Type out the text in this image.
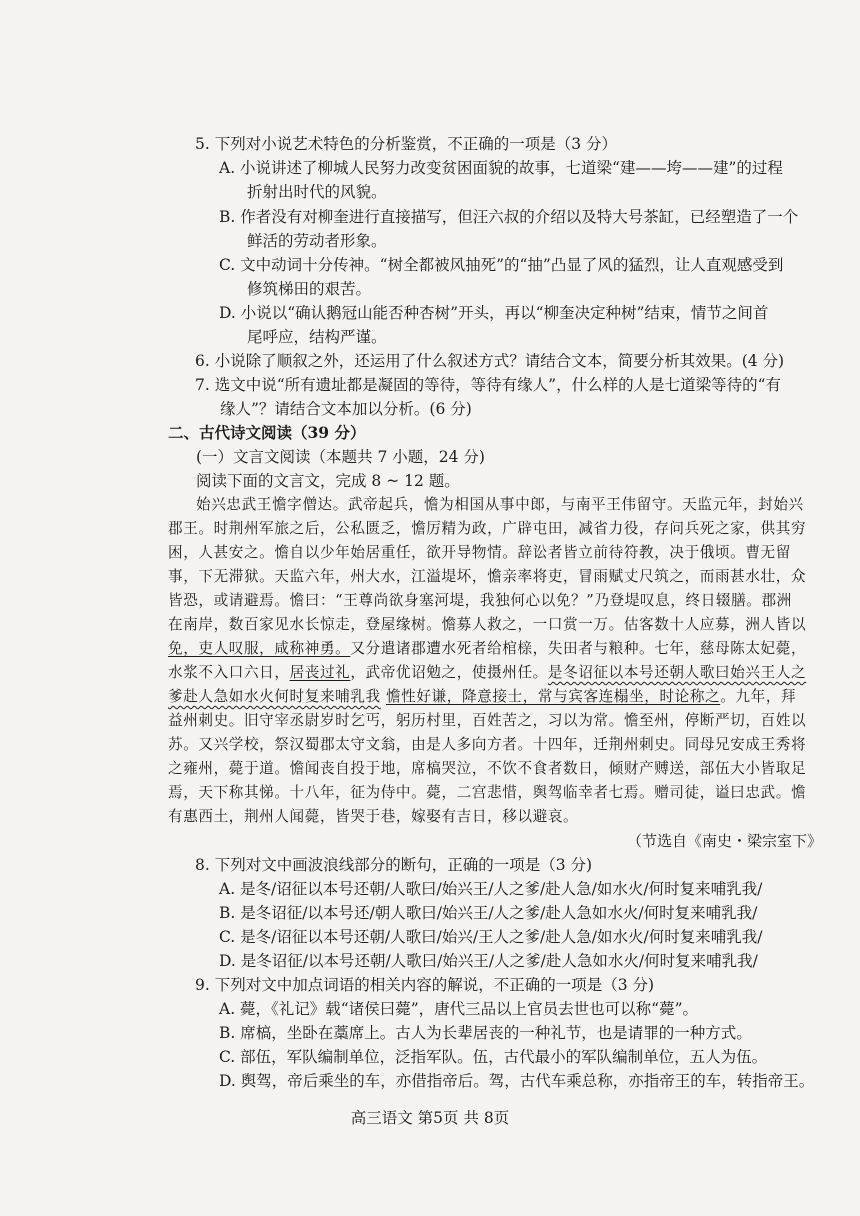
5. 下列对小说艺术特色的分析鉴赏，不正确的一项是（3 分）
A. 小说讲述了柳城人民努力改变贫困面貌的故事，七道梁“建——垮——建”的过程
折射出时代的风貌。
B. 作者没有对柳奎进行直接描写，但汪六叔的介绍以及特大号茶缸，已经塑造了一个
鲜活的劳动者形象。
C. 文中动词十分传神。“树全都被风抽死”的“抽”凸显了风的猛烈，让人直观感受到
修筑梯田的艰苦。
D. 小说以“确认鹅冠山能否种杏树”开头，再以“柳奎决定种树”结束，情节之间首
尾呼应，结构严谨。
6. 小说除了顺叙之外，还运用了什么叙述方式？请结合文本，简要分析其效果。(4 分)
7. 选文中说“所有遗址都是凝固的等待，等待有缘人”，什么样的人是七道梁等待的“有
缘人”？请结合文本加以分析。(6 分)
二、古代诗文阅读（39 分）
(一）文言文阅读（本题共 7 小题，24 分)
阅读下面的文言文，完成 8 ~ 12 题。
始兴忠武王憺字僧达。武帝起兵，憺为相国从事中郎，与南平王伟留守。天监元年，封始兴
郡王。时荆州军旅之后，公私匮乏，憺厉精为政，广辟屯田，减省力役，存问兵死之家，供其穷
困，人甚安之。憺自以少年始居重任，欲开导物情。辞讼者皆立前待符教，决于俄顷。曹无留
事，下无滞狱。天监六年，州大水，江溢堤坏，憺亲率将吏，冒雨赋丈尺筑之，而雨甚水壮，众
皆恐，或请避焉。憺曰：“王尊尚欲身塞河堤，我独何心以免？”乃登堤叹息，终日辍膳。郡洲
在南岸，数百家见水长惊走，登屋缘树。憺募人救之，一口赏一万。估客数十人应募，洲人皆以
免，吏人叹服，咸称神勇。又分遣诸郡遭水死者给棺榇，失田者与粮种。七年，慈母陈太妃薨，
水浆不入口六日，居丧过礼，武帝优诏勉之，使摄州任。是冬诏征以本号还朝人歌曰始兴王人之
爹赴人急如水火何时复来哺乳我 憺性好谦，降意接士，常与宾客连榻坐，时论称之。九年，拜
益州刺史。旧守宰丞尉岁时乞丐，躬历村里，百姓苦之，习以为常。憺至州，停断严切，百姓以
苏。又兴学校，祭汉蜀郡太守文翁，由是人多向方者。十四年，迁荆州刺史。同母兄安成王秀将
之雍州，薨于道。憺闻丧自投于地，席槁哭泣，不饮不食者数日，倾财产赙送，部伍大小皆取足
焉，天下称其悌。十八年，征为侍中。薨，二宫悲惜，舆驾临幸者七焉。赠司徒，谥曰忠武。憺
有惠西土，荆州人闻薨，皆哭于巷，嫁娶有吉日，移以避哀。
8. 下列对文中画波浪线部分的断句，正确的一项是（3 分)
A. 是冬/诏征以本号还朝/人歌曰/始兴王/人之爹/赴人急/如水火/何时复来哺乳我/
B. 是冬诏征/以本号还/朝人歌曰/始兴王/人之爹/赴人急如水火/何时复来哺乳我/
C. 是冬/诏征以本号还朝/人歌曰/始兴/王人之爹/赴人急/如水火/何时复来哺乳我/
D. 是冬诏征/以本号还朝/人歌曰/始兴王/人之爹/赴人急如水火/何时复来哺乳我/
9. 下列对文中加点词语的相关内容的解说，不正确的一项是（3 分)
A. 薨，《礼记》载“诸侯曰薨”，唐代三品以上官员去世也可以称“薨”。
B. 席槁，坐卧在藁席上。古人为长辈居丧的一种礼节，也是请罪的一种方式。
C. 部伍，军队编制单位，泛指军队。伍，古代最小的军队编制单位，五人为伍。
D. 舆驾，帝后乘坐的车，亦借指帝后。驾，古代车乘总称，亦指帝王的车，转指帝王。
（节选自《南史・梁宗室下》
高三语文 第5页 共 8页
